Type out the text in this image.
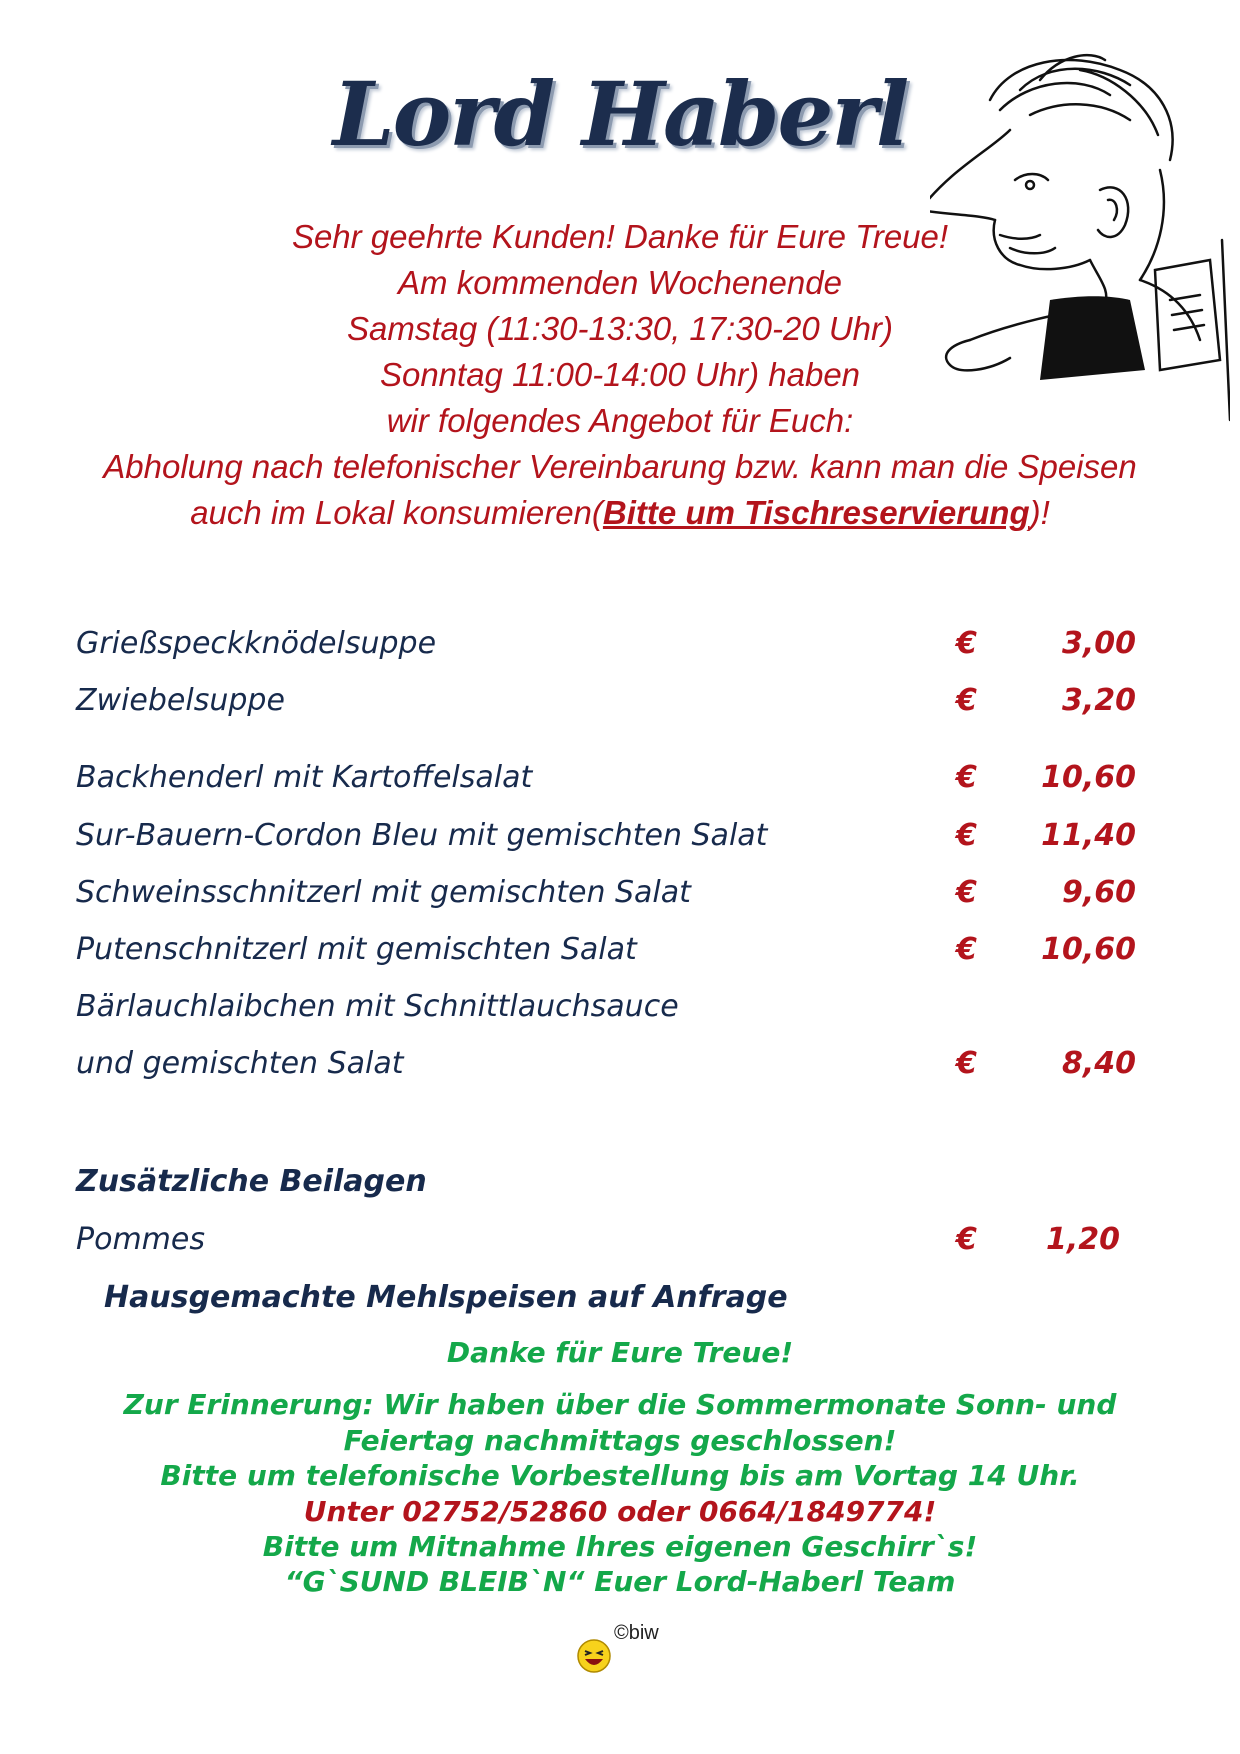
Lord Haberl
Sehr geehrte Kunden! Danke für Eure Treue!
Am kommenden Wochenende
Samstag (11:30-13:30, 17:30-20 Uhr)
Sonntag 11:00-14:00 Uhr) haben
wir folgendes Angebot für Euch:
Abholung nach telefonischer Vereinbarung bzw. kann man die Speisen
auch im Lokal konsumieren(Bitte um Tischreservierung)!
Grießspeckknödelsuppe	€	3,00
Zwiebelsuppe	€	3,20
Backhenderl mit Kartoffelsalat	€	10,60
Sur-Bauern-Cordon Bleu mit gemischten Salat	€	11,40
Schweinsschnitzerl mit gemischten Salat	€	9,60
Putenschnitzerl mit gemischten Salat	€	10,60
Bärlauchlaibchen mit Schnittlauchsauce
und gemischten Salat	€	8,40
Zusätzliche Beilagen
Pommes	€	1,20
Hausgemachte Mehlspeisen auf Anfrage
Danke für Eure Treue!
Zur Erinnerung: Wir haben über die Sommermonate Sonn- und
Feiertag nachmittags geschlossen!
Bitte um telefonische Vorbestellung bis am Vortag 14 Uhr.
Unter 02752/52860 oder 0664/1849774!
Bitte um Mitnahme Ihres eigenen Geschirr`s!
“G`SUND BLEIB`N“ Euer Lord-Haberl Team
©biw
